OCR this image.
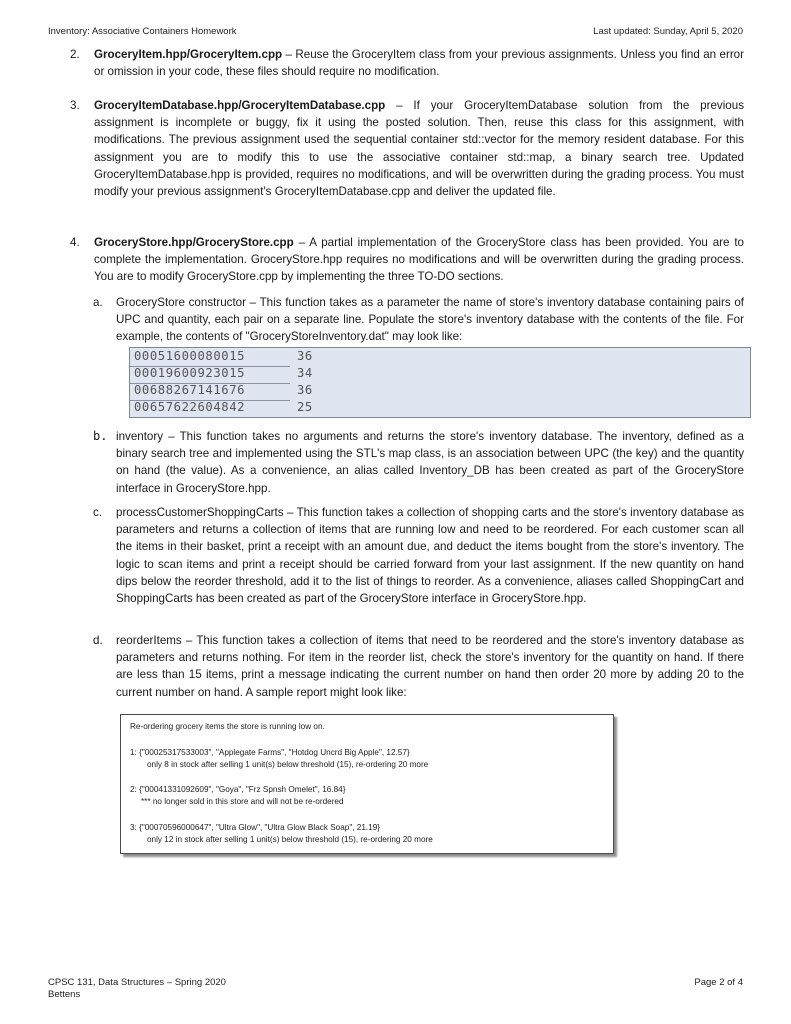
Inventory: Associative Containers Homework	Last updated: Sunday, April 5, 2020
2. GroceryItem.hpp/GroceryItem.cpp – Reuse the GroceryItem class from your previous assignments. Unless you find an error or omission in your code, these files should require no modification.
3. GroceryItemDatabase.hpp/GroceryItemDatabase.cpp – If your GroceryItemDatabase solution from the previous assignment is incomplete or buggy, fix it using the posted solution. Then, reuse this class for this assignment, with modifications. The previous assignment used the sequential container std::vector for the memory resident database. For this assignment you are to modify this to use the associative container std::map, a binary search tree. Updated GroceryItemDatabase.hpp is provided, requires no modifications, and will be overwritten during the grading process. You must modify your previous assignment's GroceryItemDatabase.cpp and deliver the updated file.
4. GroceryStore.hpp/GroceryStore.cpp – A partial implementation of the GroceryStore class has been provided. You are to complete the implementation. GroceryStore.hpp requires no modifications and will be overwritten during the grading process. You are to modify GroceryStore.cpp by implementing the three TO-DO sections.
a. GroceryStore constructor – This function takes as a parameter the name of store's inventory database containing pairs of UPC and quantity, each pair on a separate line. Populate the store's inventory database with the contents of the file. For example, the contents of "GroceryStoreInventory.dat" may look like:
00051600080015	36
00019600923015	34
00688267141676	36
00657622604842	25
b. inventory – This function takes no arguments and returns the store's inventory database. The inventory, defined as a binary search tree and implemented using the STL's map class, is an association between UPC (the key) and the quantity on hand (the value). As a convenience, an alias called Inventory_DB has been created as part of the GroceryStore interface in GroceryStore.hpp.
c. processCustomerShoppingCarts – This function takes a collection of shopping carts and the store's inventory database as parameters and returns a collection of items that are running low and need to be reordered. For each customer scan all the items in their basket, print a receipt with an amount due, and deduct the items bought from the store's inventory. The logic to scan items and print a receipt should be carried forward from your last assignment. If the new quantity on hand dips below the reorder threshold, add it to the list of things to reorder. As a convenience, aliases called ShoppingCart and ShoppingCarts has been created as part of the GroceryStore interface in GroceryStore.hpp.
d. reorderItems – This function takes a collection of items that need to be reordered and the store's inventory database as parameters and returns nothing. For item in the reorder list, check the store's inventory for the quantity on hand. If there are less than 15 items, print a message indicating the current number on hand then order 20 more by adding 20 to the current number on hand. A sample report might look like:
Re-ordering grocery items the store is running low on.
1: {"00025317533003", "Applegate Farms", "Hotdog Uncrd Big Apple", 12.57}
only 8 in stock after selling 1 unit(s) below threshold (15), re-ordering 20 more
2: {"00041331092609", "Goya", "Frz Spnsh Omelet", 16.84}
*** no longer sold in this store and will not be re-ordered
3: {"00070596000647", "Ultra Glow", "Ultra Glow Black Soap", 21.19}
only 12 in stock after selling 1 unit(s) below threshold (15), re-ordering 20 more
CPSC 131, Data Structures – Spring 2020
Bettens
Page 2 of 4
